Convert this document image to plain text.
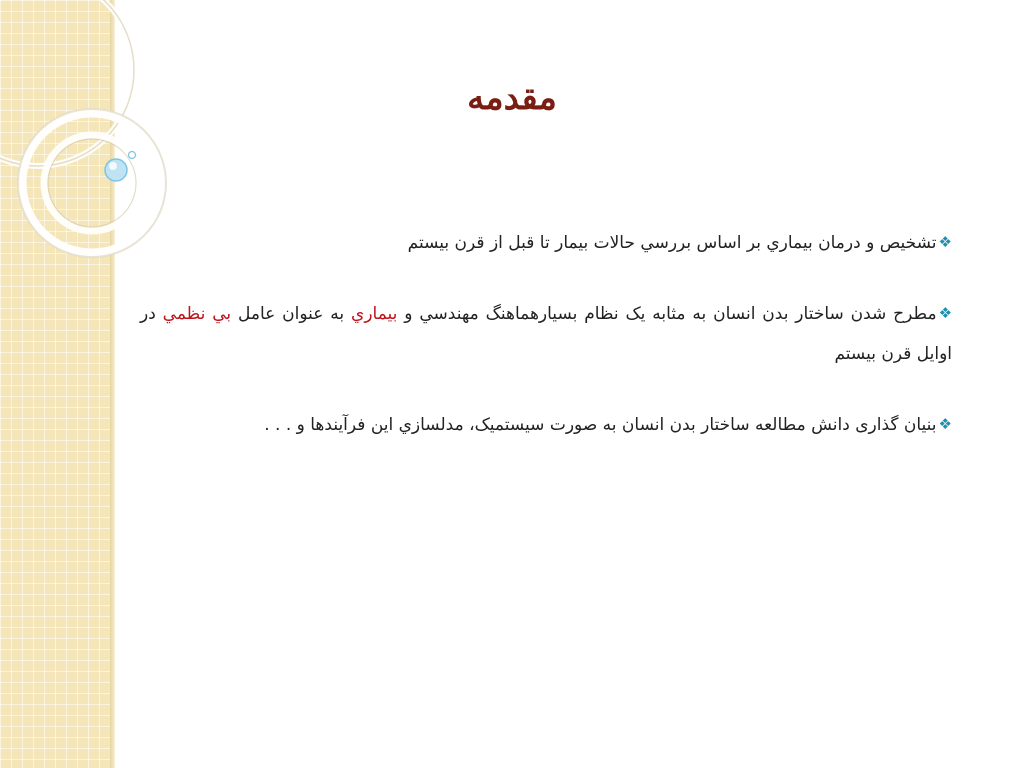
مقدمه

❖تشخيص و درمان بيماري بر اساس بررسي حالات بيمار تا قبل از قرن بيستم

❖مطرح شدن ساختار بدن انسان به مثابه يک نظام بسيارهماهنگ مهندسي و بيماري به عنوان عامل بي نظمي در اوايل قرن بيستم

❖بنیان گذاری دانش مطالعه ساختار بدن انسان به صورت سيستميک، مدلسازي اين فرآيندها و . . .
